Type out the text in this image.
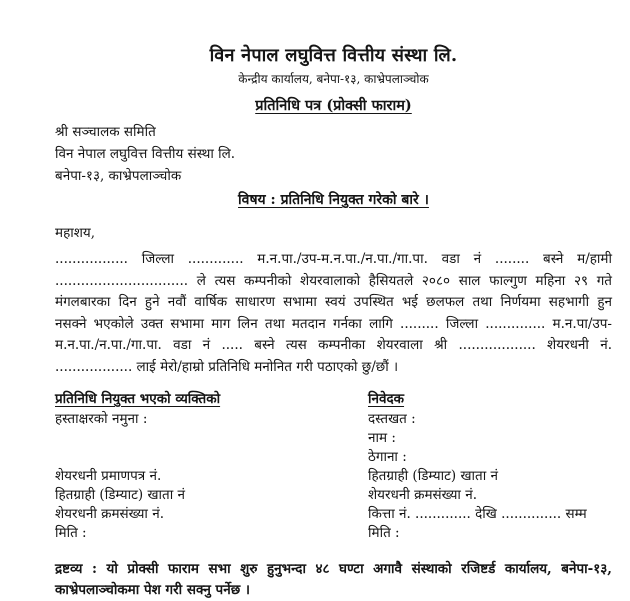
विन नेपाल लघुवित्त वित्तीय संस्था लि.
केन्द्रीय कार्यालय, बनेपा-१३, काभ्रेपलाञ्चोक
प्रतिनिधि पत्र (प्रोक्सी फाराम)
श्री सञ्चालक समिति
विन नेपाल लघुवित्त वित्तीय संस्था लि.
बनेपा-१३, काभ्रेपलाञ्चोक
विषय : प्रतिनिधि नियुक्त गरेको बारे ।
महाशय,
................. जिल्ला ............. म.न.पा./उप-म.न.पा./न.पा./गा.पा. वडा नं ........ बस्ने म/हामी
............................... ले त्यस कम्पनीको शेयरवालाको हैसियतले २०८० साल फाल्गुण महिना २९ गते
मंगलबारका दिन हुने नवौं वार्षिक साधारण सभामा स्वयं उपस्थित भई छलफल तथा निर्णयमा सहभागी हुन
नसक्ने भएकोले उक्त सभामा माग लिन तथा मतदान गर्नका लागि ......... जिल्ला .............. म.न.पा/उप-
म.न.पा./न.पा./गा.पा. वडा नं ..... बस्ने त्यस कम्पनीका शेयरवाला श्री .................. शेयरधनी नं.
.................. लाई मेरो/हाम्रो प्रतिनिधि मनोनित गरी पठाएको छु/छौं ।
प्रतिनिधि नियुक्त भएको व्यक्तिको
हस्ताक्षरको नमुना :
शेयरधनी प्रमाणपत्र नं.
हितग्राही (डिम्याट) खाता नं
शेयरधनी क्रमसंख्या नं.
मिति :
निवेदक
दस्तखत :
नाम :
ठेगाना :
हितग्राही (डिम्याट) खाता नं
शेयरधनी क्रमसंख्या नं.
कित्ता नं. ............. देखि .............. सम्म
मिति :
द्रष्टव्य : यो प्रोक्सी फाराम सभा शुरु हुनुभन्दा ४८ घण्टा अगावै संस्थाको रजिष्टर्ड कार्यालय, बनेपा-१३,
काभ्रेपलाञ्चोकमा पेश गरी सक्नु पर्नेछ ।
